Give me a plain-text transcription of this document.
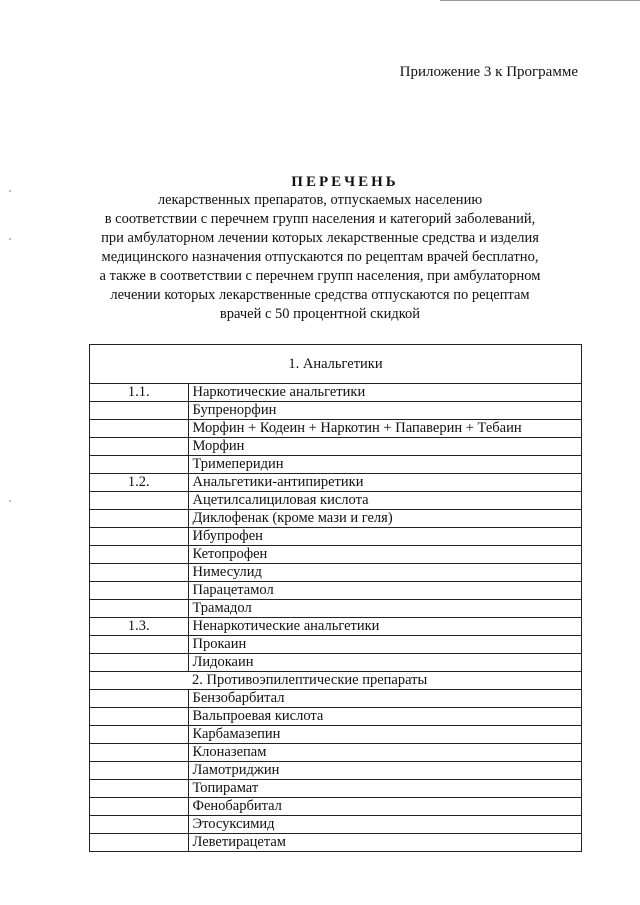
Приложение 3 к Программе
ПЕРЕЧЕНЬ
лекарственных препаратов, отпускаемых населению
в соответствии с перечнем групп населения и категорий заболеваний,
при амбулаторном лечении которых лекарственные средства и изделия
медицинского назначения отпускаются по рецептам врачей бесплатно,
а также в соответствии с перечнем групп населения, при амбулаторном
лечении которых лекарственные средства отпускаются по рецептам
врачей с 50 процентной скидкой
1. Анальгетики	
1.1.	Наркотические анальгетики
	Бупренорфин
	Морфин + Кодеин + Наркотин + Папаверин + Тебаин
	Морфин
	Тримеперидин
1.2.	Анальгетики-антипиретики
	Ацетилсалициловая кислота
	Диклофенак (кроме мази и геля)
	Ибупрофен
	Кетопрофен
	Нимесулид
	Парацетамол
	Трамадол
1.3.	Ненаркотические анальгетики
	Прокаин
	Лидокаин
	2. Противоэпилептические препараты
	Бензобарбитал
	Вальпроевая кислота
	Карбамазепин
	Клоназепам
	Ламотриджин
	Топирамат
	Фенобарбитал
	Этосуксимид
	Леветирацетам
